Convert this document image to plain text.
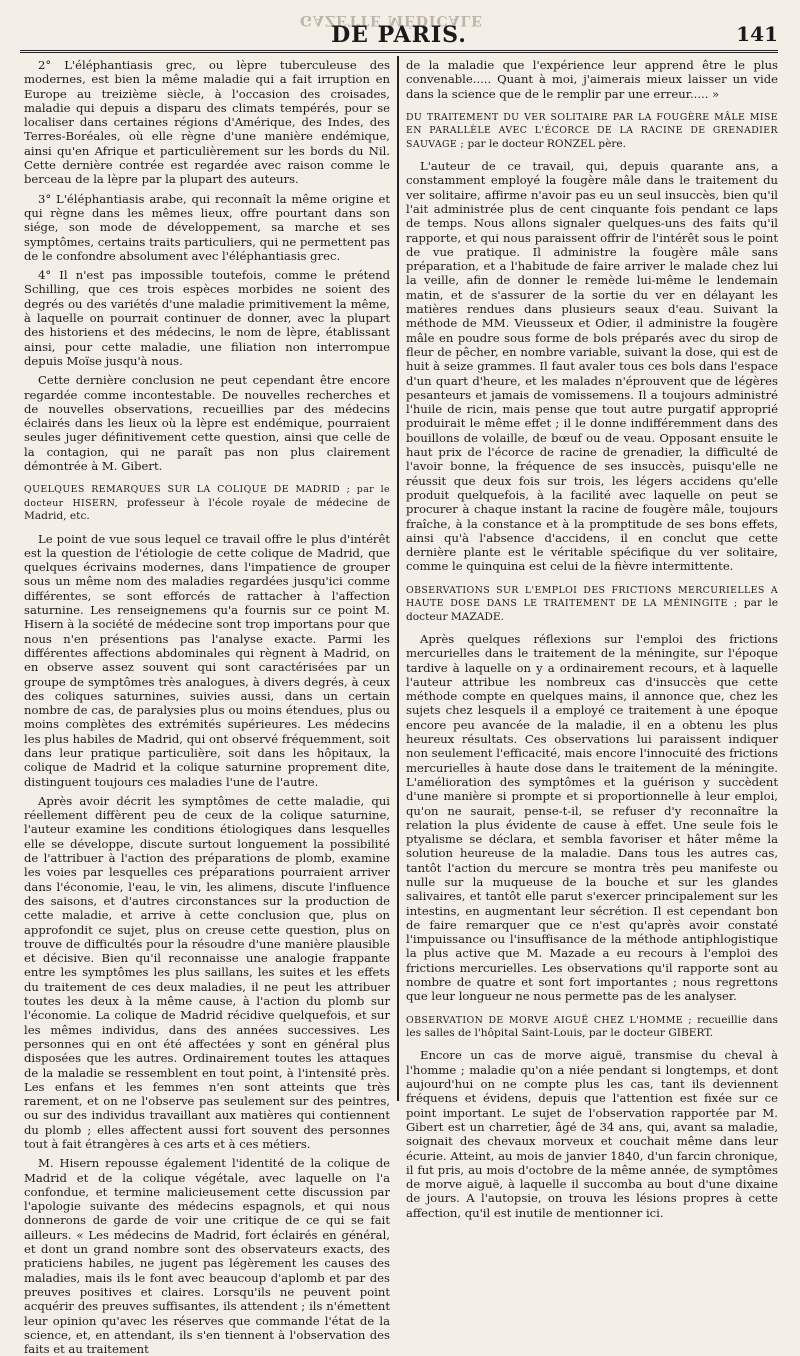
GAZETTE MÉDICALE
DE PARIS.	141

2° L'éléphantiasis grec, ou lèpre tuberculeuse des modernes, est bien la même maladie qui a fait irruption en Europe au treizième siècle, à l'occasion des croisades, maladie qui depuis a disparu des climats tempérés, pour se localiser dans certaines régions d'Amérique, des Indes, des Terres-Boréales, où elle règne d'une manière endémique, ainsi qu'en Afrique et particulièrement sur les bords du Nil. Cette dernière contrée est regardée avec raison comme le berceau de la lèpre par la plupart des auteurs.

3° L'éléphantiasis arabe, qui reconnaît la même origine et qui règne dans les mêmes lieux, offre pourtant dans son siége, son mode de développement, sa marche et ses symptômes, certains traits particuliers, qui ne permettent pas de le confondre absolument avec l'éléphantiasis grec.

4° Il n'est pas impossible toutefois, comme le prétend Schilling, que ces trois espèces morbides ne soient des degrés ou des variétés d'une maladie primitivement la même, à laquelle on pourrait continuer de donner, avec la plupart des historiens et des médecins, le nom de lèpre, établissant ainsi, pour cette maladie, une filiation non interrompue depuis Moïse jusqu'à nous.

Cette dernière conclusion ne peut cependant être encore regardée comme incontestable. De nouvelles recherches et de nouvelles observations, recueillies par des médecins éclairés dans les lieux où la lèpre est endémique, pourraient seules juger définitivement cette question, ainsi que celle de la contagion, qui ne paraît pas non plus clairement démontrée à M. Gibert.

QUELQUES REMARQUES SUR LA COLIQUE DE MADRID ; par le docteur HISERN, professeur à l'école royale de médecine de Madrid, etc.

Le point de vue sous lequel ce travail offre le plus d'intérêt est la question de l'étiologie de cette colique de Madrid, que quelques écrivains modernes, dans l'impatience de grouper sous un même nom des maladies regardées jusqu'ici comme différentes, se sont efforcés de rattacher à l'affection saturnine. Les renseignemens qu'a fournis sur ce point M. Hisern à la société de médecine sont trop importans pour que nous n'en présentions pas l'analyse exacte. Parmi les différentes affections abdominales qui règnent à Madrid, on en observe assez souvent qui sont caractérisées par un groupe de symptômes très analogues, à divers degrés, à ceux des coliques saturnines, suivies aussi, dans un certain nombre de cas, de paralysies plus ou moins étendues, plus ou moins complètes des extrémités supérieures. Les médecins les plus habiles de Madrid, qui ont observé fréquemment, soit dans leur pratique particulière, soit dans les hôpitaux, la colique de Madrid et la colique saturnine proprement dite, distinguent toujours ces maladies l'une de l'autre.

Après avoir décrit les symptômes de cette maladie, qui réellement diffèrent peu de ceux de la colique saturnine, l'auteur examine les conditions étiologiques dans lesquelles elle se développe, discute surtout longuement la possibilité de l'attribuer à l'action des préparations de plomb, examine les voies par lesquelles ces préparations pourraient arriver dans l'économie, l'eau, le vin, les alimens, discute l'influence des saisons, et d'autres circonstances sur la production de cette maladie, et arrive à cette conclusion que, plus on approfondit ce sujet, plus on creuse cette question, plus on trouve de difficultés pour la résoudre d'une manière plausible et décisive. Bien qu'il reconnaisse une analogie frappante entre les symptômes les plus saillans, les suites et les effets du traitement de ces deux maladies, il ne peut les attribuer toutes les deux à la même cause, à l'action du plomb sur l'économie. La colique de Madrid récidive quelquefois, et sur les mêmes individus, dans des années successives. Les personnes qui en ont été affectées y sont en général plus disposées que les autres. Ordinairement toutes les attaques de la maladie se ressemblent en tout point, à l'intensité près. Les enfans et les femmes n'en sont atteints que très rarement, et on ne l'observe pas seulement sur des peintres, ou sur des individus travaillant aux matières qui contiennent du plomb ; elles affectent aussi fort souvent des personnes tout à fait étrangères à ces arts et à ces métiers.

M. Hisern repousse également l'identité de la colique de Madrid et de la colique végétale, avec laquelle on l'a confondue, et termine malicieusement cette discussion par l'apologie suivante des médecins espagnols, et qui nous donnerons de garde de voir une critique de ce qui se fait ailleurs. « Les médecins de Madrid, fort éclairés en général, et dont un grand nombre sont des observateurs exacts, des praticiens habiles, ne jugent pas légèrement les causes des maladies, mais ils le font avec beaucoup d'aplomb et par des preuves positives et claires. Lorsqu'ils ne peuvent point acquérir des preuves suffisantes, ils attendent ; ils n'émettent leur opinion qu'avec les réserves que commande l'état de la science, et, en attendant, ils s'en tiennent à l'observation des faits et au traitement

de la maladie que l'expérience leur apprend être le plus convenable..... Quant à moi, j'aimerais mieux laisser un vide dans la science que de le remplir par une erreur..... »

DU TRAITEMENT DU VER SOLITAIRE PAR LA FOUGÈRE MÂLE MISE EN PARALLÈLE AVEC L'ÉCORCE DE LA RACINE DE GRENADIER SAUVAGE ; par le docteur RONZEL père.

L'auteur de ce travail, qui, depuis quarante ans, a constamment employé la fougère mâle dans le traitement du ver solitaire, affirme n'avoir pas eu un seul insuccès, bien qu'il l'ait administrée plus de cent cinquante fois pendant ce laps de temps. Nous allons signaler quelques-uns des faits qu'il rapporte, et qui nous paraissent offrir de l'intérêt sous le point de vue pratique. Il administre la fougère mâle sans préparation, et a l'habitude de faire arriver le malade chez lui la veille, afin de donner le remède lui-même le lendemain matin, et de s'assurer de la sortie du ver en délayant les matières rendues dans plusieurs seaux d'eau. Suivant la méthode de MM. Vieusseux et Odier, il administre la fougère mâle en poudre sous forme de bols préparés avec du sirop de fleur de pêcher, en nombre variable, suivant la dose, qui est de huit à seize grammes. Il faut avaler tous ces bols dans l'espace d'un quart d'heure, et les malades n'éprouvent que de légères pesanteurs et jamais de vomissemens. Il a toujours administré l'huile de ricin, mais pense que tout autre purgatif approprié produirait le même effet ; il le donne indifféremment dans des bouillons de volaille, de bœuf ou de veau. Opposant ensuite le haut prix de l'écorce de racine de grenadier, la difficulté de l'avoir bonne, la fréquence de ses insuccès, puisqu'elle ne réussit que deux fois sur trois, les légers accidens qu'elle produit quelquefois, à la facilité avec laquelle on peut se procurer à chaque instant la racine de fougère mâle, toujours fraîche, à la constance et à la promptitude de ses bons effets, ainsi qu'à l'absence d'accidens, il en conclut que cette dernière plante est le véritable spécifique du ver solitaire, comme le quinquina est celui de la fièvre intermittente.

OBSERVATIONS SUR L'EMPLOI DES FRICTIONS MERCURIELLES A HAUTE DOSE DANS LE TRAITEMENT DE LA MÉNINGITE ; par le docteur MAZADE.

Après quelques réflexions sur l'emploi des frictions mercurielles dans le traitement de la méningite, sur l'époque tardive à laquelle on y a ordinairement recours, et à laquelle l'auteur attribue les nombreux cas d'insuccès que cette méthode compte en quelques mains, il annonce que, chez les sujets chez lesquels il a employé ce traitement à une époque encore peu avancée de la maladie, il en a obtenu les plus heureux résultats. Ces observations lui paraissent indiquer non seulement l'efficacité, mais encore l'innocuité des frictions mercurielles à haute dose dans le traitement de la méningite. L'amélioration des symptômes et la guérison y succèdent d'une manière si prompte et si proportionnelle à leur emploi, qu'on ne saurait, pense-t-il, se refuser d'y reconnaître la relation la plus évidente de cause à effet. Une seule fois le ptyalisme se déclara, et sembla favoriser et hâter même la solution heureuse de la maladie. Dans tous les autres cas, tantôt l'action du mercure se montra très peu manifeste ou nulle sur la muqueuse de la bouche et sur les glandes salivaires, et tantôt elle parut s'exercer principalement sur les intestins, en augmentant leur sécrétion. Il est cependant bon de faire remarquer que ce n'est qu'après avoir constaté l'impuissance ou l'insuffisance de la méthode antiphlogistique la plus active que M. Mazade a eu recours à l'emploi des frictions mercurielles. Les observations qu'il rapporte sont au nombre de quatre et sont fort importantes ; nous regrettons que leur longueur ne nous permette pas de les analyser.

OBSERVATION DE MORVE AIGUË CHEZ L'HOMME ; recueillie dans les salles de l'hôpital Saint-Louis, par le docteur GIBERT.

Encore un cas de morve aiguë, transmise du cheval à l'homme ; maladie qu'on a niée pendant si longtemps, et dont aujourd'hui on ne compte plus les cas, tant ils deviennent fréquens et évidens, depuis que l'attention est fixée sur ce point important. Le sujet de l'observation rapportée par M. Gibert est un charretier, âgé de 34 ans, qui, avant sa maladie, soignait des chevaux morveux et couchait même dans leur écurie. Atteint, au mois de janvier 1840, d'un farcin chronique, il fut pris, au mois d'octobre de la même année, de symptômes de morve aiguë, à laquelle il succomba au bout d'une dixaine de jours. A l'autopsie, on trouva les lésions propres à cette affection, qu'il est inutile de mentionner ici.
